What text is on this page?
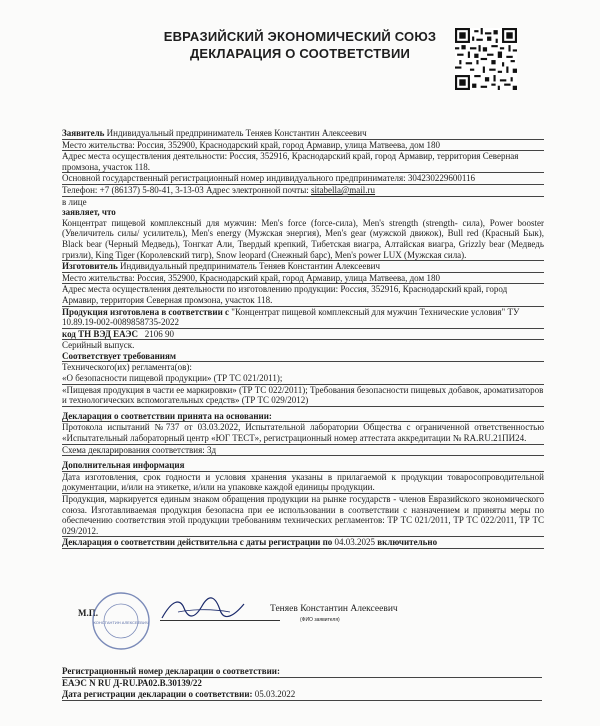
ЕВРАЗИЙСКИЙ ЭКОНОМИЧЕСКИЙ СОЮЗ
ДЕКЛАРАЦИЯ О СООТВЕТСТВИИ

Заявитель Индивидуальный предприниматель Теняев Константин Алексеевич

Место жительства: Россия, 352900, Краснодарский край, город Армавир, улица Матвеева, дом 180

Адрес места осуществления деятельности: Россия, 352916, Краснодарский край, город Армавир, территория Северная промзона, участок 118.

Основной государственный регистрационный номер индивидуального предпринимателя: 304230229600116

Телефон: +7 (86137) 5-80-41, 3-13-03 Адрес электронной почты: sitabella@mail.ru

в лице

заявляет, что

Концентрат пищевой комплексный для мужчин: Men's force (force-сила), Men's strength (strength- сила), Power booster (Увеличитель силы/ усилитель), Men's energy (Мужская энергия), Men's gear (мужской движок), Bull red (Красный Бык), Black bear (Черный Медведь), Тонгкат Али, Твердый крепкий, Тибетская виагра, Алтайская виагра, Grizzly bear (Медведь гризли), King Tiger (Королевский тигр), Snow leopard (Снежный барс), Men's power LUX (Мужская сила).

Изготовитель Индивидуальный предприниматель Теняев Константин Алексеевич

Место жительства: Россия, 352900, Краснодарский край, город Армавир, улица Матвеева, дом 180

Адрес места осуществления деятельности по изготовлению продукции: Россия, 352916, Краснодарский край, город Армавир, территория Северная промзона, участок 118.

Продукция изготовлена в соответствии с "Концентрат пищевой комплексный для мужчин Технические условия" ТУ 10.89.19-002-0089858735-2022

код ТН ВЭД ЕАЭС 2106 90

Серийный выпуск.

Соответствует требованиям

Технического(их) регламента(ов):

«О безопасности пищевой продукции» (ТР ТС 021/2011);

«Пищевая продукция в части ее маркировки» (ТР ТС 022/2011); Требования безопасности пищевых добавок, ароматизаторов и технологических вспомогательных средств» (ТР ТС 029/2012)

Декларация о соответствии принята на основании:

Протокола испытаний №737 от 03.03.2022, Испытательной лаборатории Общества с ограниченной ответственностью «Испытательный лабораторный центр «ЮГ ТЕСТ», регистрационный номер аттестата аккредитации № RA.RU.21ПИ24.

Схема декларирования соответствия: 3д

Дополнительная информация

Дата изготовления, срок годности и условия хранения указаны в прилагаемой к продукции товаросопроводительной документации, и/или на этикетке, и/или на упаковке каждой единицы продукции.

Продукция, маркируется единым знаком обращения продукции на рынке государств - членов Евразийского экономического союза. Изготавливаемая продукция безопасна при ее использовании в соответствии с назначением и приняты меры по обеспечению соответствия этой продукции требованиям технических регламентов: ТР ТС 021/2011, ТР ТС 022/2011, ТР ТС 029/2012.

Декларация о соответствии действительна с даты регистрации по 04.03.2025 включительно

М.П.
КОНСТАНТИН АЛЕКСЕЕВИЧ
Теняев Константин Алексеевич
(ФИО заявителя)

Регистрационный номер декларации о соответствии:

ЕАЭС N RU Д-RU.РА02.В.30139/22

Дата регистрации декларации о соответствии: 05.03.2022
